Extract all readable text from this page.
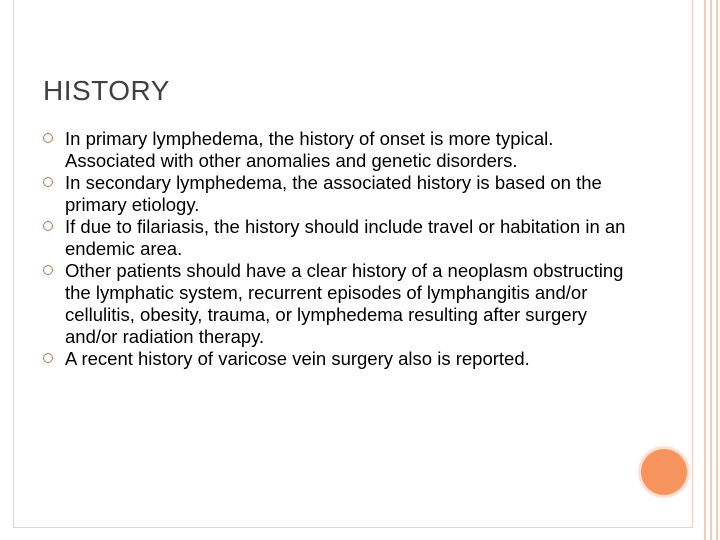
HISTORY
In primary lymphedema, the history of onset is more typical. Associated with other anomalies and genetic disorders.
In secondary lymphedema, the associated history is based on the primary etiology.
If due to filariasis, the history should include travel or habitation in an endemic area.
Other patients should have a clear history of a neoplasm obstructing the lymphatic system, recurrent episodes of lymphangitis and/or cellulitis, obesity, trauma, or lymphedema resulting after surgery and/or radiation therapy.
A recent history of varicose vein surgery also is reported.
